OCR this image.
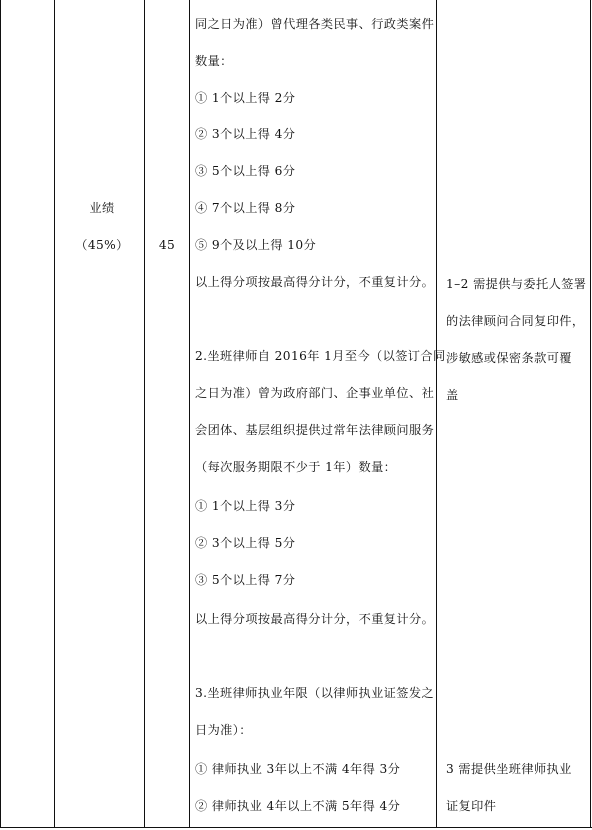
业绩
（45%）	45
同之日为准）曾代理各类民事、行政类案件
数量：
① 1个以上得 2分
② 3个以上得 4分
③ 5个以上得 6分
④ 7个以上得 8分
⑤ 9个及以上得 10分
以上得分项按最高得分计分，不重复计分。
2.坐班律师自 2016年 1月至今（以签订合同
之日为准）曾为政府部门、企事业单位、社
会团体、基层组织提供过常年法律顾问服务
（每次服务期限不少于 1年）数量：
① 1个以上得 3分
② 3个以上得 5分
③ 5个以上得 7分
以上得分项按最高得分计分，不重复计分。
3.坐班律师执业年限（以律师执业证签发之
日为准）：
① 律师执业 3年以上不满 4年得 3分
② 律师执业 4年以上不满 5年得 4分
1–2 需提供与委托人签署
的法律顾问合同复印件，
涉敏感或保密条款可覆
盖
3 需提供坐班律师执业
证复印件
